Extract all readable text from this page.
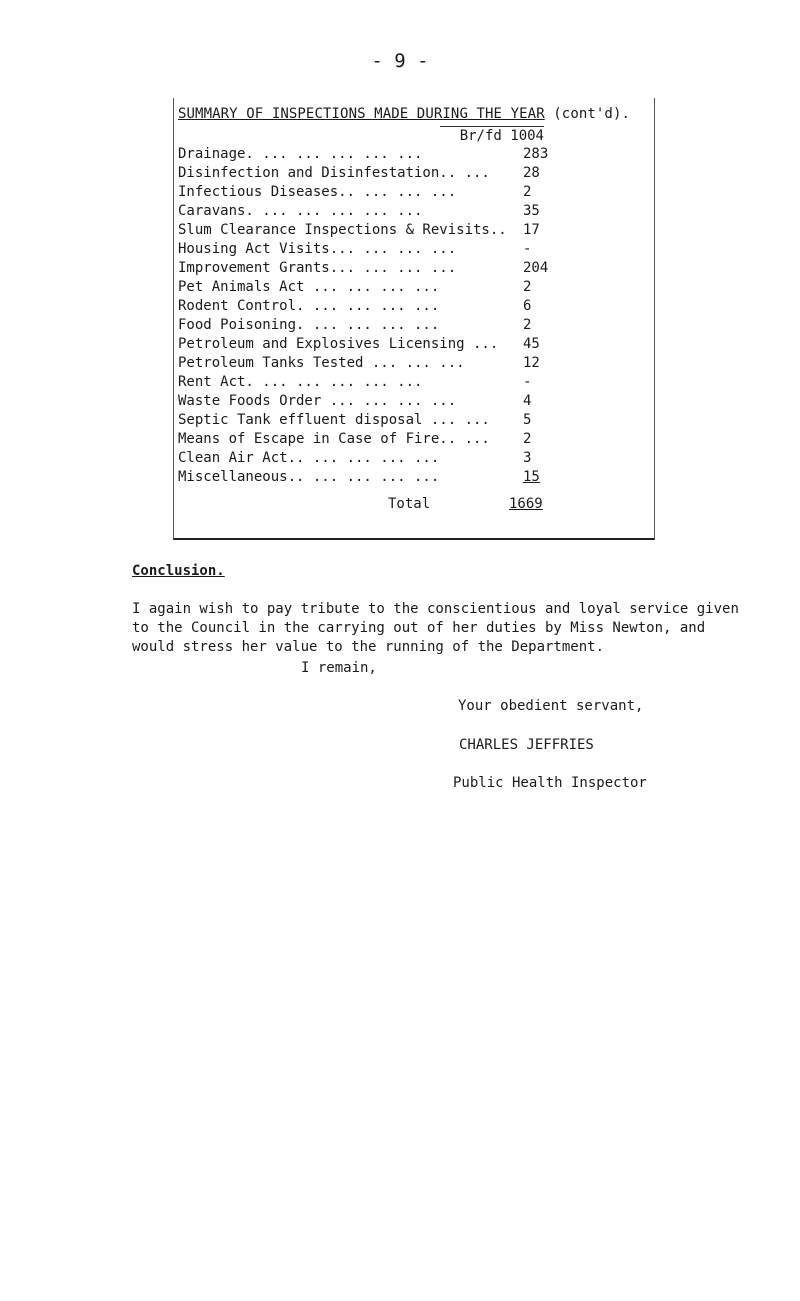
- 9 -
SUMMARY OF INSPECTIONS MADE DURING THE YEAR (cont'd).
Br/fd 1004
Drainage. ... ... ... ... ...	283
Disinfection and Disinfestation.. ... 28
Infectious Diseases.. ... ... ...	2
Caravans. ... ... ... ... ...	35
Slum Clearance Inspections & Revisits.. 17
Housing Act Visits... ... ... ...	-
Improvement Grants... ... ... ...	204
Pet Animals Act ... ... ... ...	2
Rodent Control. ... ... ... ...	6
Food Poisoning. ... ... ... ...	2
Petroleum and Explosives Licensing ... 45
Petroleum Tanks Tested ... ... ...	12
Rent Act. ... ... ... ... ...	-
Waste Foods Order ... ... ... ...	4
Septic Tank effluent disposal ... ... 5
Means of Escape in Case of Fire.. ... 2
Clean Air Act.. ... ... ... ...	3
Miscellaneous.. ... ... ... ...	15
Total	1669
Conclusion.
I again wish to pay tribute to the conscientious and loyal service given
to the Council in the carrying out of her duties by Miss Newton, and
would stress her value to the running of the Department.
I remain,
Your obedient servant,
CHARLES JEFFRIES
Public Health Inspector
